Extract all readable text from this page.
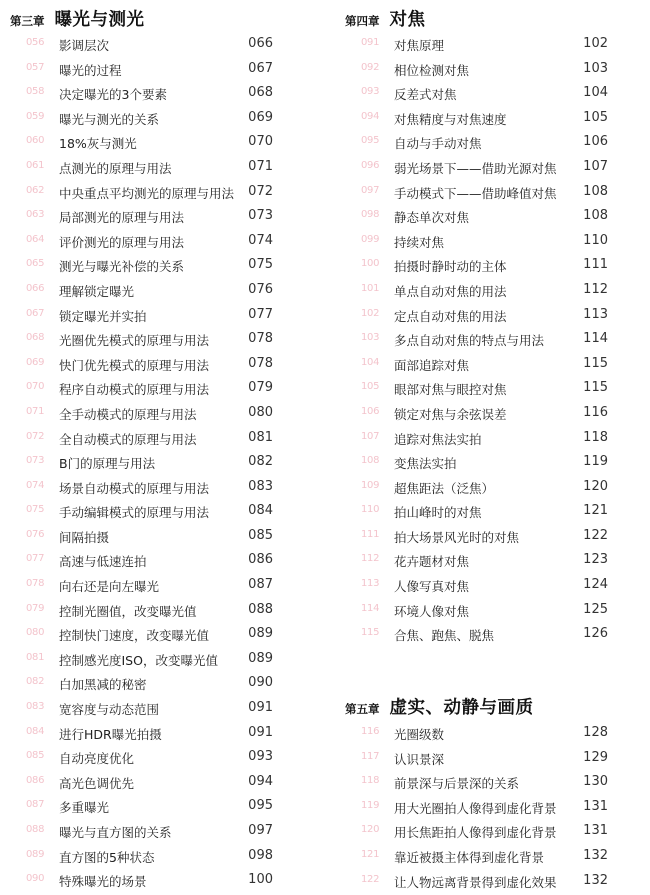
第三章 曝光与测光
056 影调层次	066
057 曝光的过程	067
058 决定曝光的3个要素	068
059 曝光与测光的关系	069
060 18%灰与测光	070
061 点测光的原理与用法	071
062 中央重点平均测光的原理与用法 072
063 局部测光的原理与用法	073
064 评价测光的原理与用法	074
065 测光与曝光补偿的关系	075
066 理解锁定曝光	076
067 锁定曝光并实拍	077
068 光圈优先模式的原理与用法	078
069 快门优先模式的原理与用法	078
070 程序自动模式的原理与用法	079
071 全手动模式的原理与用法	080
072 全自动模式的原理与用法	081
073 B门的原理与用法	082
074 场景自动模式的原理与用法	083
075 手动编辑模式的原理与用法	084
076 间隔拍摄	085
077 高速与低速连拍	086
078 向右还是向左曝光	087
079 控制光圈值，改变曝光值	088
080 控制快门速度，改变曝光值	089
081 控制感光度ISO，改变曝光值 089
082 白加黑减的秘密	090
083 宽容度与动态范围	091
084 进行HDR曝光拍摄	091
085 自动亮度优化	093
086 高光色调优先	094
087 多重曝光	095
088 曝光与直方图的关系	097
089 直方图的5种状态	098
090 特殊曝光的场景	100
第四章 对焦
091 对焦原理	102
092 相位检测对焦	103
093 反差式对焦	104
094 对焦精度与对焦速度	105
095 自动与手动对焦	106
096 弱光场景下——借助光源对焦 107
097 手动模式下——借助峰值对焦 108
098 静态单次对焦	108
099 持续对焦	110
100 拍摄时静时动的主体	111
101 单点自动对焦的用法	112
102 定点自动对焦的用法	113
103 多点自动对焦的特点与用法	114
104 面部追踪对焦	115
105 眼部对焦与眼控对焦	115
106 锁定对焦与余弦误差	116
107 追踪对焦法实拍	118
108 变焦法实拍	119
109 超焦距法（泛焦）	120
110 拍山峰时的对焦	121
111 拍大场景风光时的对焦	122
112 花卉题材对焦	123
113 人像写真对焦	124
114 环境人像对焦	125
115 合焦、跑焦、脱焦	126
第五章 虚实、动静与画质
116 光圈级数	128
117 认识景深	129
118 前景深与后景深的关系	130
119 用大光圈拍人像得到虚化背景 131
120 用长焦距拍人像得到虚化背景 131
121 靠近被摄主体得到虚化背景	132
122 让人物远离背景得到虚化效果 132
